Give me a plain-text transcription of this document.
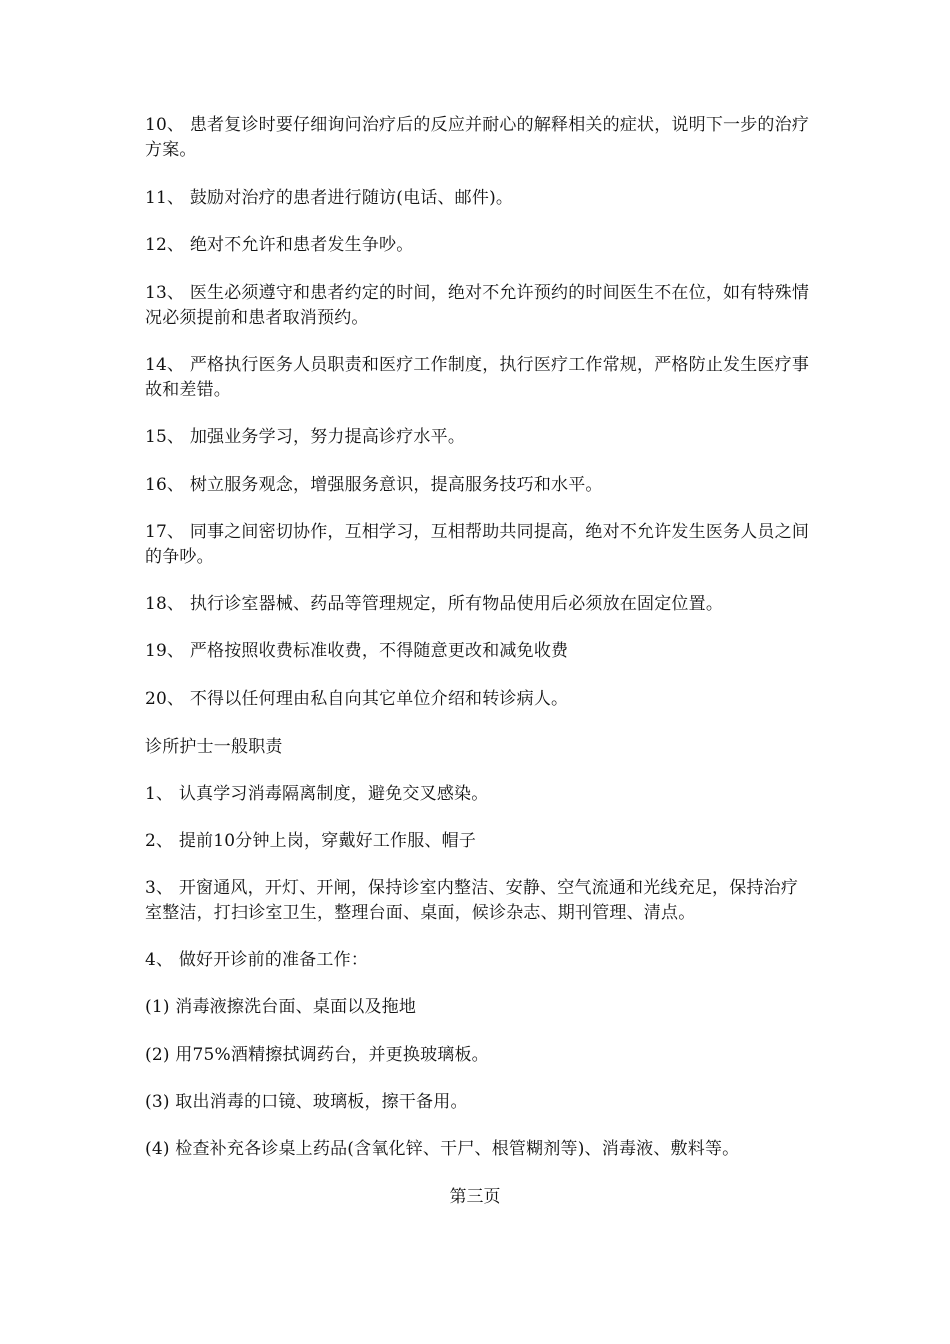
10、 患者复诊时要仔细询问治疗后的反应并耐心的解释相关的症状，说明下一步的治疗方案。

11、 鼓励对治疗的患者进行随访(电话、邮件)。

12、 绝对不允许和患者发生争吵。

13、 医生必须遵守和患者约定的时间，绝对不允许预约的时间医生不在位，如有特殊情况必须提前和患者取消预约。

14、 严格执行医务人员职责和医疗工作制度，执行医疗工作常规，严格防止发生医疗事故和差错。

15、 加强业务学习，努力提高诊疗水平。

16、 树立服务观念，增强服务意识，提高服务技巧和水平。

17、 同事之间密切协作，互相学习，互相帮助共同提高，绝对不允许发生医务人员之间的争吵。

18、 执行诊室器械、药品等管理规定，所有物品使用后必须放在固定位置。

19、 严格按照收费标准收费，不得随意更改和减免收费

20、 不得以任何理由私自向其它单位介绍和转诊病人。

诊所护士一般职责

1、 认真学习消毒隔离制度，避免交叉感染。

2、 提前10分钟上岗，穿戴好工作服、帽子

3、 开窗通风，开灯、开闸，保持诊室内整洁、安静、空气流通和光线充足，保持治疗室整洁，打扫诊室卫生，整理台面、桌面，候诊杂志、期刊管理、清点。

4、 做好开诊前的准备工作：

(1) 消毒液擦洗台面、桌面以及拖地

(2) 用75%酒精擦拭调药台，并更换玻璃板。

(3) 取出消毒的口镜、玻璃板，擦干备用。

(4) 检查补充各诊桌上药品(含氧化锌、干尸、根管糊剂等)、消毒液、敷料等。

第三页
